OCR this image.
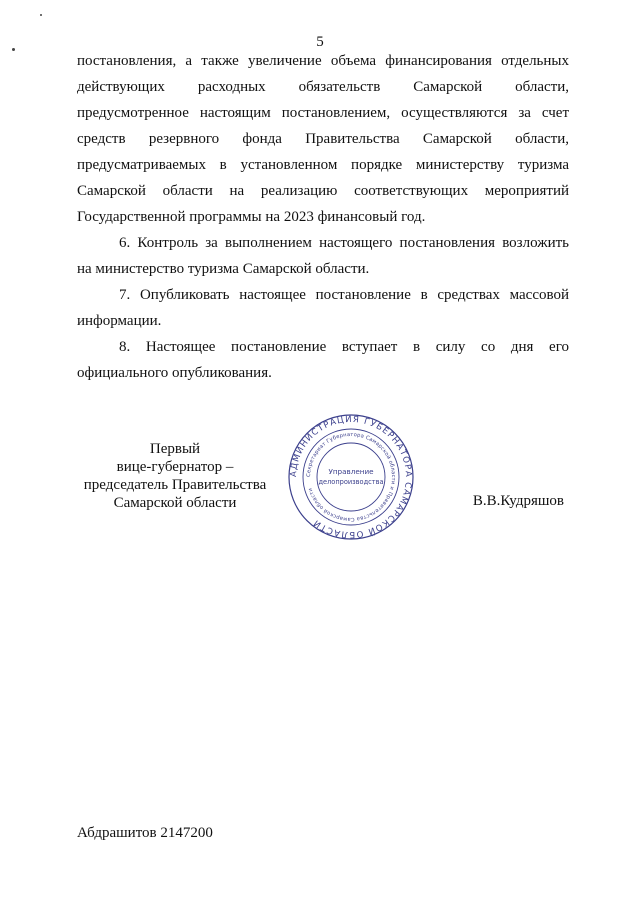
5

постановления, а также увеличение объема финансирования отдельных

действующих расходных обязательств Самарской области,

предусмотренное настоящим постановлением, осуществляются за счет

средств резервного фонда Правительства Самарской области,

предусматриваемых в установленном порядке министерству туризма

Самарской области на реализацию соответствующих мероприятий

Государственной программы на 2023 финансовый год.

6. Контроль за выполнением настоящего постановления возложить

на министерство туризма Самарской области.

7. Опубликовать настоящее постановление в средствах массовой

информации.

8. Настоящее постановление вступает в силу со дня его

официального опубликования.

Первый
вице-губернатор –
председатель Правительства
Самарской области
АДМИНИСТРАЦИЯ ГУБЕРНАТОРА САМАРСКОЙ ОБЛАСТИ
Секретариат Губернатора Самарской области и Правительства Самарской области
Управление
делопроизводства
В.В.Кудряшов
Абдрашитов 2147200
